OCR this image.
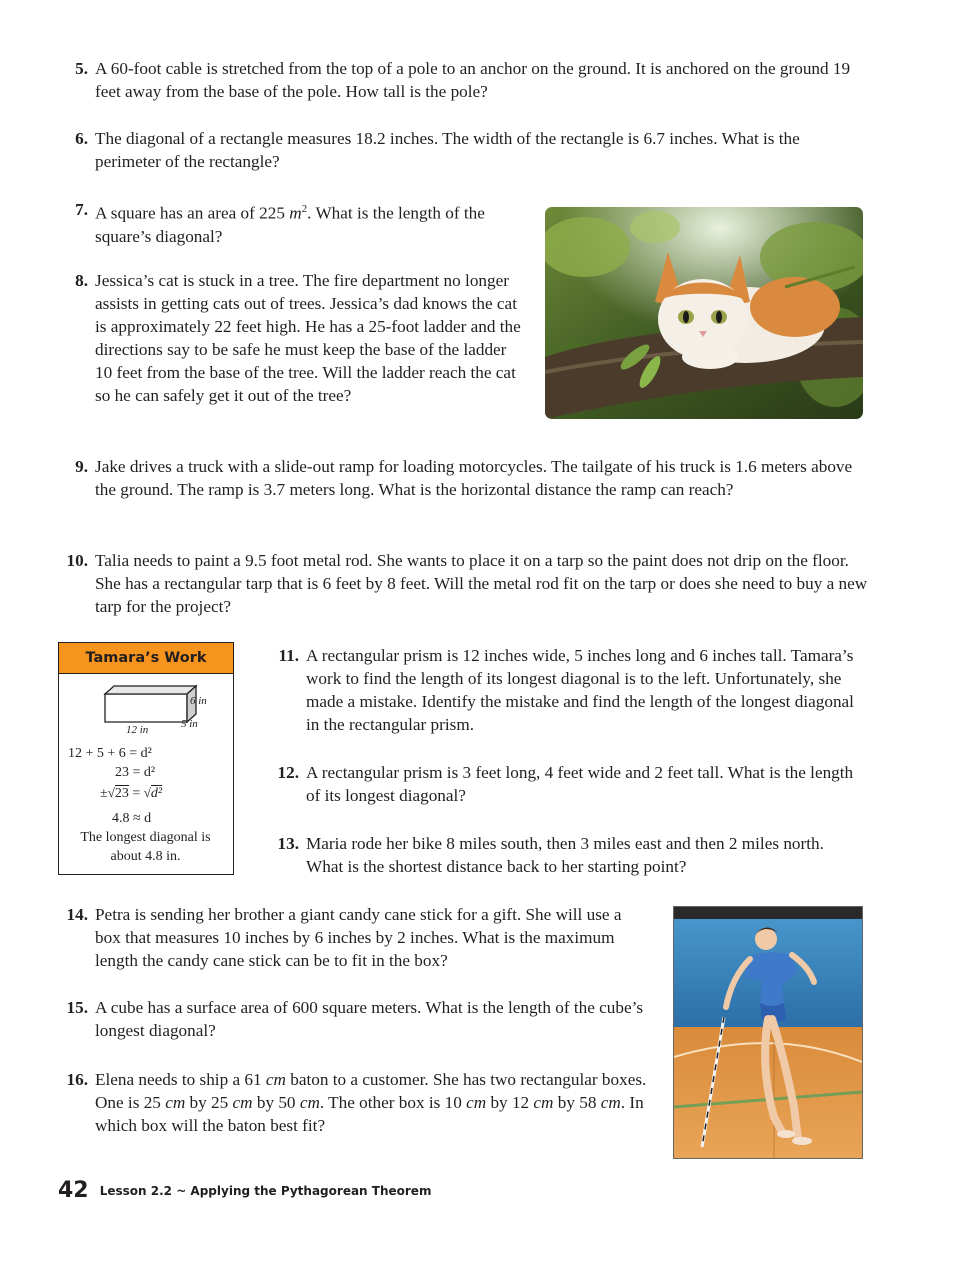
5. A 60-foot cable is stretched from the top of a pole to an anchor on the ground. It is anchored on the ground 19 feet away from the base of the pole. How tall is the pole?
6. The diagonal of a rectangle measures 18.2 inches. The width of the rectangle is 6.7 inches. What is the perimeter of the rectangle?
7. A square has an area of 225 $m^2$. What is the length of the square’s diagonal?
8. Jessica’s cat is stuck in a tree. The fire department no longer assists in getting cats out of trees. Jessica’s dad knows the cat is approximately 22 feet high. He has a 25-foot ladder and the directions say to be safe he must keep the base of the ladder 10 feet from the base of the tree. Will the ladder reach the cat so he can safely get it out of the tree?
9. Jake drives a truck with a slide-out ramp for loading motorcycles. The tailgate of his truck is 1.6 meters above the ground. The ramp is 3.7 meters long. What is the horizontal distance the ramp can reach?
10. Talia needs to paint a 9.5 foot metal rod. She wants to place it on a tarp so the paint does not drip on the floor. She has a rectangular tarp that is 6 feet by 8 feet. Will the metal rod fit on the tarp or does she need to buy a new tarp for the project?
Tamara’s Work
6 in
5 in
12 in
12 + 5 + 6 = d²
23 = d²
±√23 = √d²
4.8 ≈ d
The longest diagonal is
about 4.8 in.
11. A rectangular prism is 12 inches wide, 5 inches long and 6 inches tall. Tamara’s work to find the length of its longest diagonal is to the left. Unfortunately, she made a mistake. Identify the mistake and find the length of the longest diagonal in the rectangular prism.
12. A rectangular prism is 3 feet long, 4 feet wide and 2 feet tall. What is the length of its longest diagonal?
13. Maria rode her bike 8 miles south, then 3 miles east and then 2 miles north. What is the shortest distance back to her starting point?
14. Petra is sending her brother a giant candy cane stick for a gift. She will use a box that measures 10 inches by 6 inches by 2 inches. What is the maximum length the candy cane stick can be to fit in the box?
15. A cube has a surface area of 600 square meters. What is the length of the cube’s longest diagonal?
16. Elena needs to ship a 61 cm baton to a customer. She has two rectangular boxes. One is 25 cm by 25 cm by 50 cm. The other box is 10 cm by 12 cm by 58 cm. In which box will the baton best fit?
42 Lesson 2.2 ~ Applying the Pythagorean Theorem
